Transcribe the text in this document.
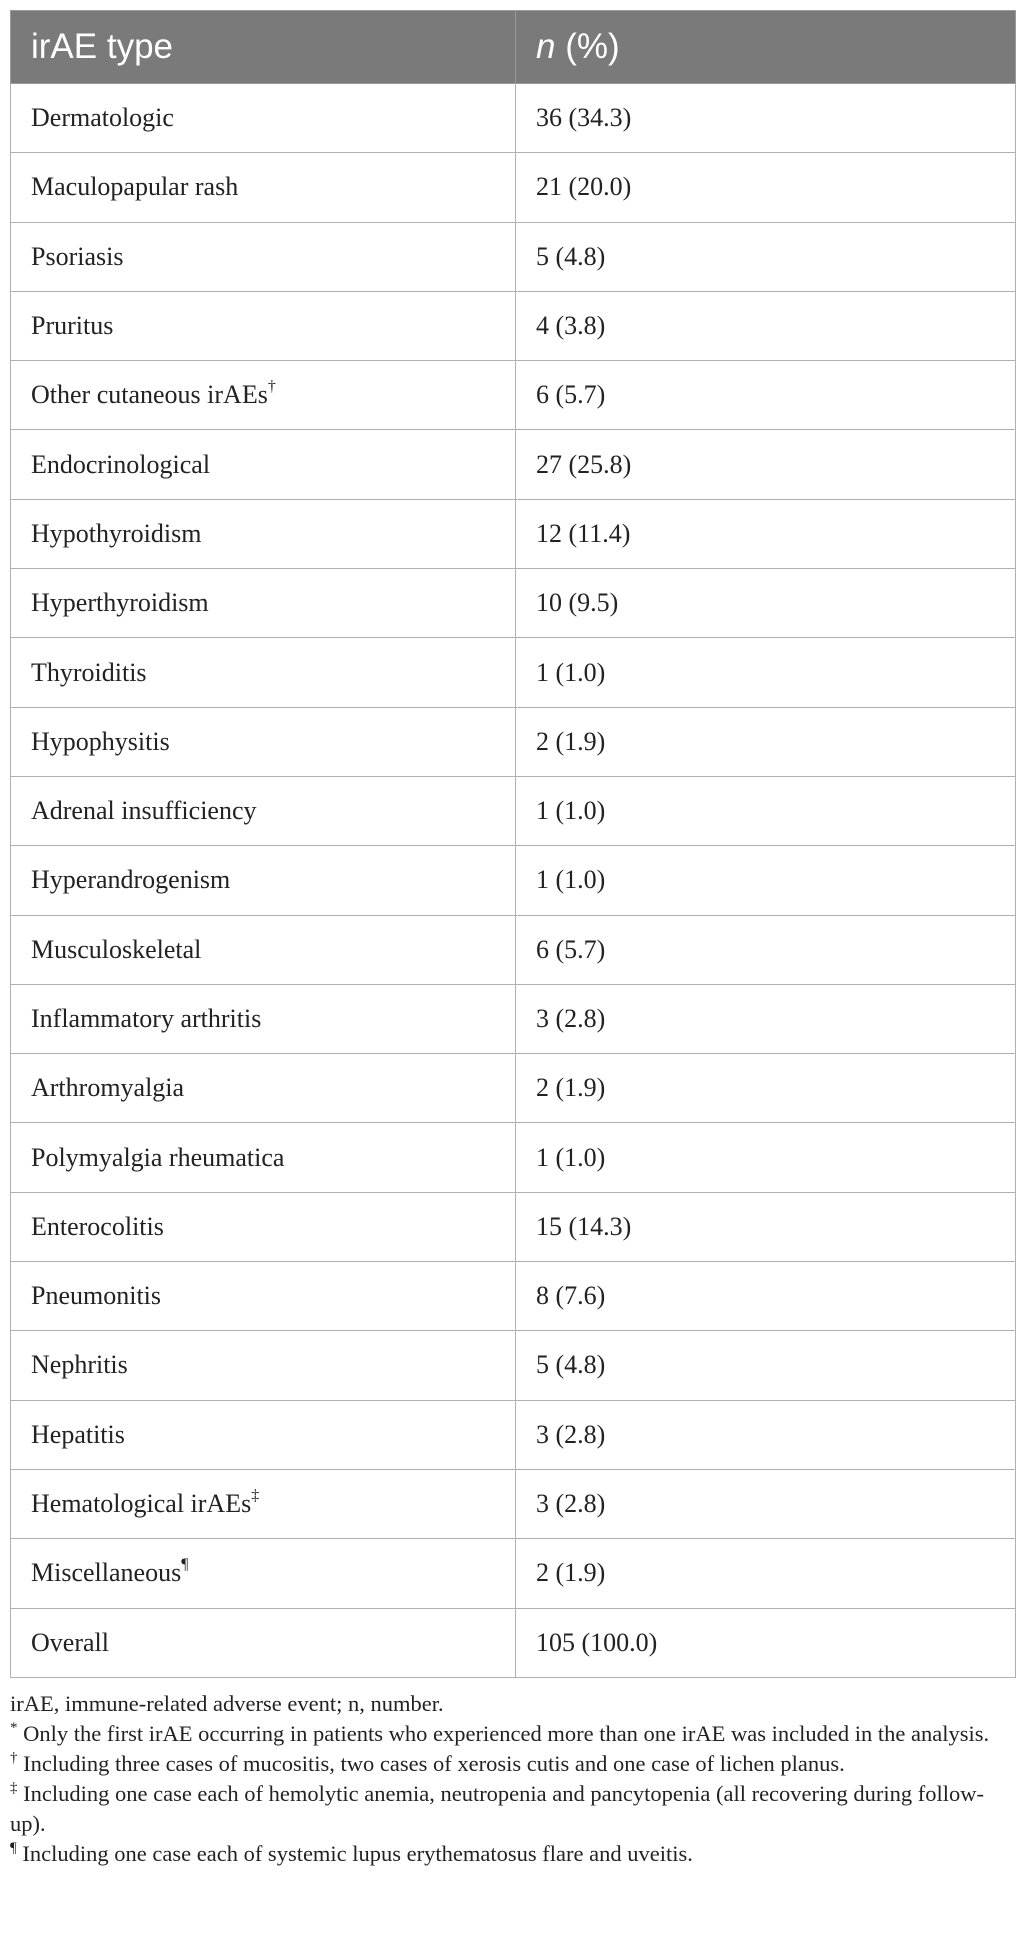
irAE type	n (%)
Dermatologic	36 (34.3)
Maculopapular rash	21 (20.0)
Psoriasis	5 (4.8)
Pruritus	4 (3.8)
Other cutaneous irAEs†	6 (5.7)
Endocrinological	27 (25.8)
Hypothyroidism	12 (11.4)
Hyperthyroidism	10 (9.5)
Thyroiditis	1 (1.0)
Hypophysitis	2 (1.9)
Adrenal insufficiency	1 (1.0)
Hyperandrogenism	1 (1.0)
Musculoskeletal	6 (5.7)
Inflammatory arthritis	3 (2.8)
Arthromyalgia	2 (1.9)
Polymyalgia rheumatica	1 (1.0)
Enterocolitis	15 (14.3)
Pneumonitis	8 (7.6)
Nephritis	5 (4.8)
Hepatitis	3 (2.8)
Hematological irAEs‡	3 (2.8)
Miscellaneous¶	2 (1.9)
Overall	105 (100.0)

irAE, immune-related adverse event; n, number.

* Only the first irAE occurring in patients who experienced more than one irAE was included in the analysis.

† Including three cases of mucositis, two cases of xerosis cutis and one case of lichen planus.

‡ Including one case each of hemolytic anemia, neutropenia and pancytopenia (all recovering during follow-up).

¶ Including one case each of systemic lupus erythematosus flare and uveitis.
